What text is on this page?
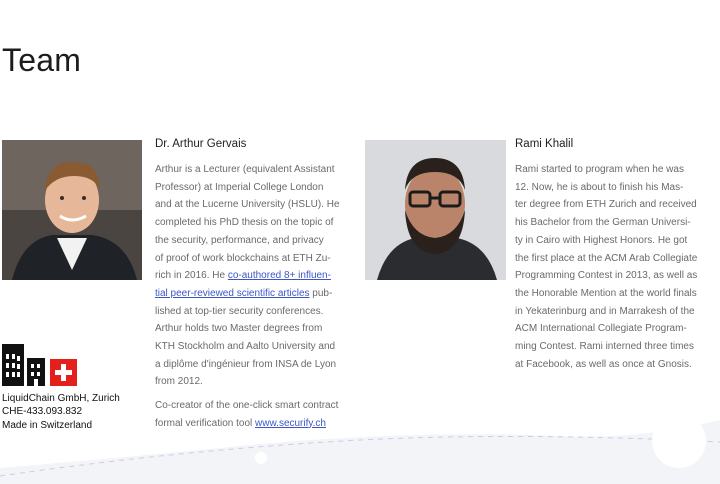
Team
Dr. Arthur Gervais
Arthur is a Lecturer (equivalent Assistant
Professor) at Imperial College London
and at the Lucerne University (HSLU). He
completed his PhD thesis on the topic of
the security, performance, and privacy
of proof of work blockchains at ETH Zu-
rich in 2016. He co-authored 8+ influen-
tial peer-reviewed scientific articles pub-
lished at top-tier security conferences.
Arthur holds two Master degrees from
KTH Stockholm and Aalto University and
a diplôme d'ingénieur from INSA de Lyon
from 2012.
Co-creator of the one-click smart contract
formal verification tool www.securify.ch
Rami Khalil
Rami started to program when he was
12. Now, he is about to finish his Mas-
ter degree from ETH Zurich and received
his Bachelor from the German Universi-
ty in Cairo with Highest Honors. He got
the first place at the ACM Arab Collegiate
Programming Contest in 2013, as well as
the Honorable Mention at the world finals
in Yekaterinburg and in Marrakesh of the
ACM International Collegiate Program-
ming Contest. Rami interned three times
at Facebook, as well as once at Gnosis.
LiquidChain GmbH, Zurich
CHE-433.093.832
Made in Switzerland
